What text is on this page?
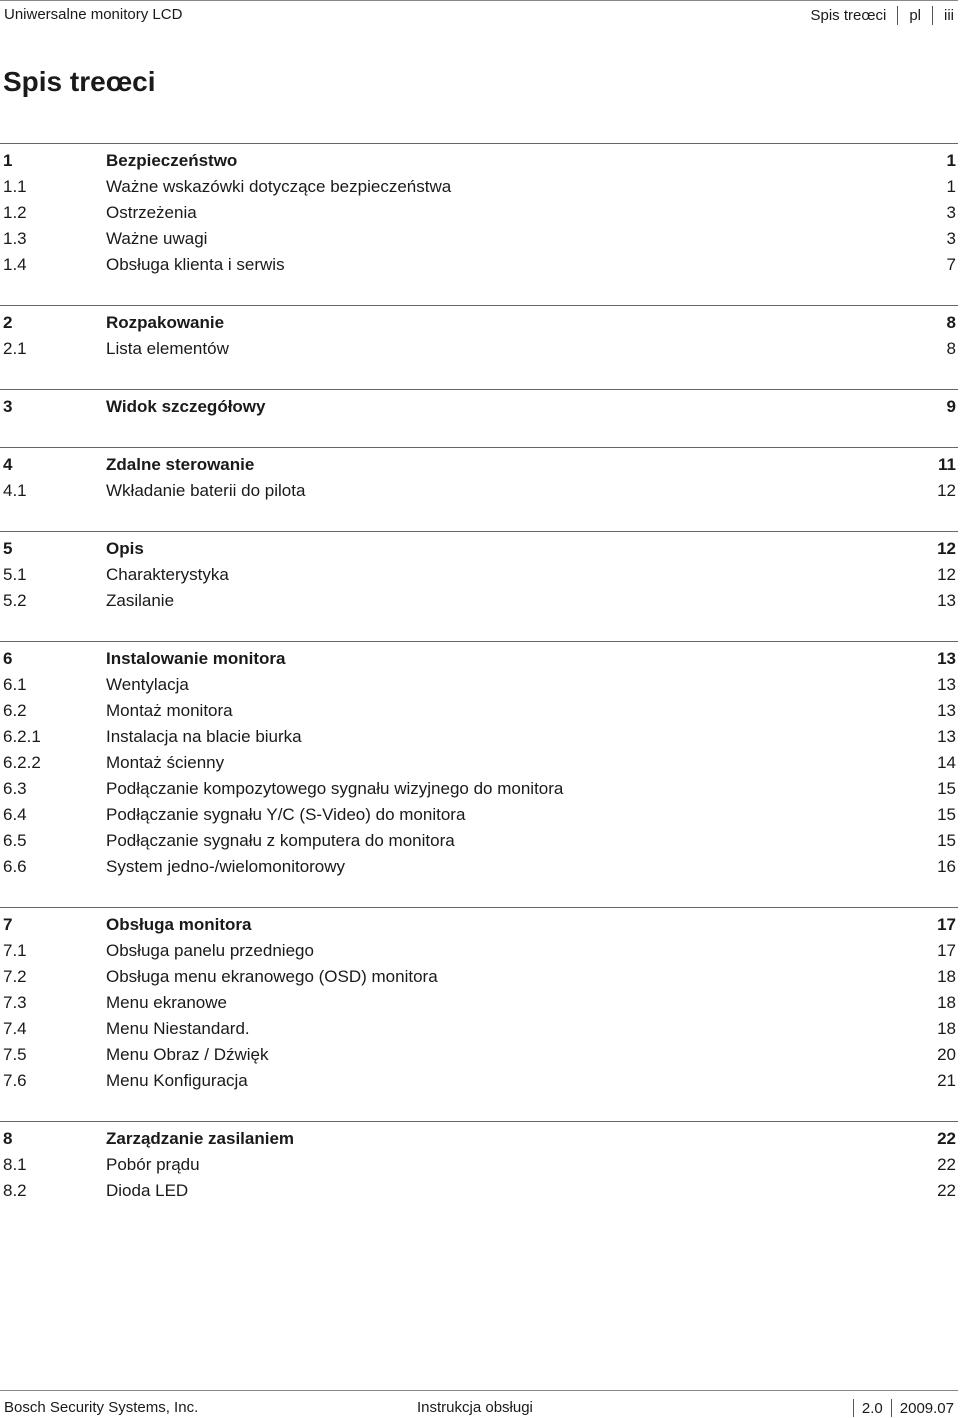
Uniwersalne monitory LCD	Spis treœci pl iii
Spis treœci
1	Bezpieczeństwo	1
1.1	Ważne wskazówki dotyczące bezpieczeństwa	1
1.2	Ostrzeżenia	3
1.3	Ważne uwagi	3
1.4	Obsługa klienta i serwis	7
2	Rozpakowanie	8
2.1	Lista elementów	8
3	Widok szczegółowy	9
4	Zdalne sterowanie	11
4.1	Wkładanie baterii do pilota	12
5	Opis	12
5.1	Charakterystyka	12
5.2	Zasilanie	13
6	Instalowanie monitora	13
6.1	Wentylacja	13
6.2	Montaż monitora	13
6.2.1	Instalacja na blacie biurka	13
6.2.2	Montaż ścienny	14
6.3	Podłączanie kompozytowego sygnału wizyjnego do monitora	15
6.4	Podłączanie sygnału Y/C (S-Video) do monitora	15
6.5	Podłączanie sygnału z komputera do monitora	15
6.6	System jedno-/wielomonitorowy	16
7	Obsługa monitora	17
7.1	Obsługa panelu przedniego	17
7.2	Obsługa menu ekranowego (OSD) monitora	18
7.3	Menu ekranowe	18
7.4	Menu Niestandard.	18
7.5	Menu Obraz / Dźwięk	20
7.6	Menu Konfiguracja	21
8	Zarządzanie zasilaniem	22
8.1	Pobór prądu	22
8.2	Dioda LED	22
Bosch Security Systems, Inc.	Instrukcja obsługi	2.0 2009.07
